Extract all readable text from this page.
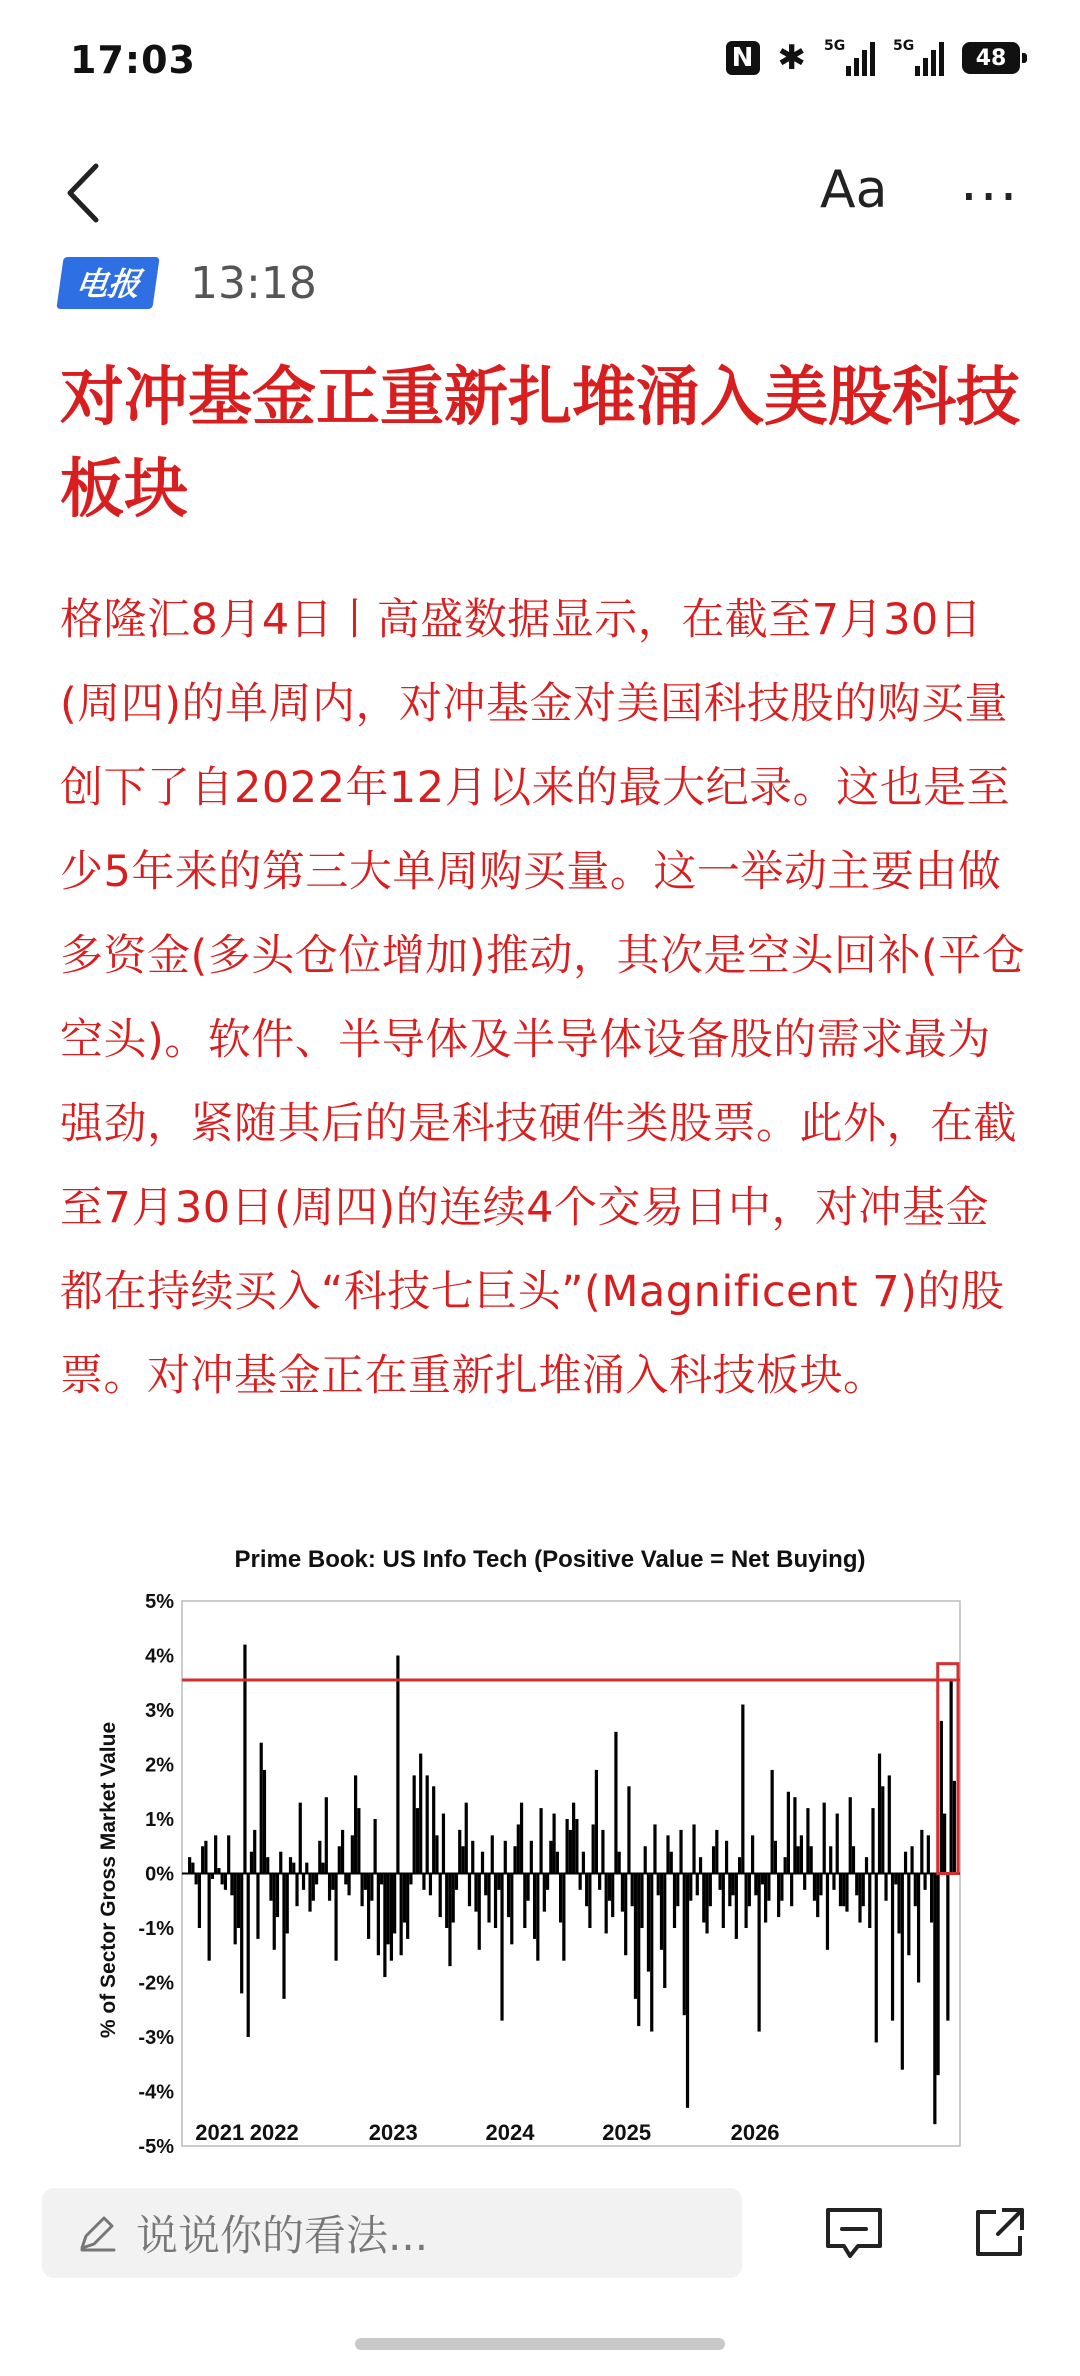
17:03	N ✱ 5G	5G	48
Aa ···
电报	13:18
对冲基金正重新扎堆涌入美股科技板块

格隆汇8月4日丨高盛数据显示，在截至7月30日(周四)的单周内，对冲基金对美国科技股的购买量创下了自2022年12月以来的最大纪录。这也是至少5年来的第三大单周购买量。这一举动主要由做多资金(多头仓位增加)推动，其次是空头回补(平仓空头)。软件、半导体及半导体设备股的需求最为强劲，紧随其后的是科技硬件类股票。此外，在截至7月30日(周四)的连续4个交易日中，对冲基金都在持续买入“科技七巨头”(Magnificent 7)的股票。对冲基金正在重新扎堆涌入科技板块。

Prime Book: US Info Tech (Positive Value = Net Buying)
% of Sector Gross Market Value
5%
4%
3%
2%
1%
0%
-1%
-2%
-3%
-4%
-5%
2021 2022	2023	2024	2025	2026
说说你的看法...
